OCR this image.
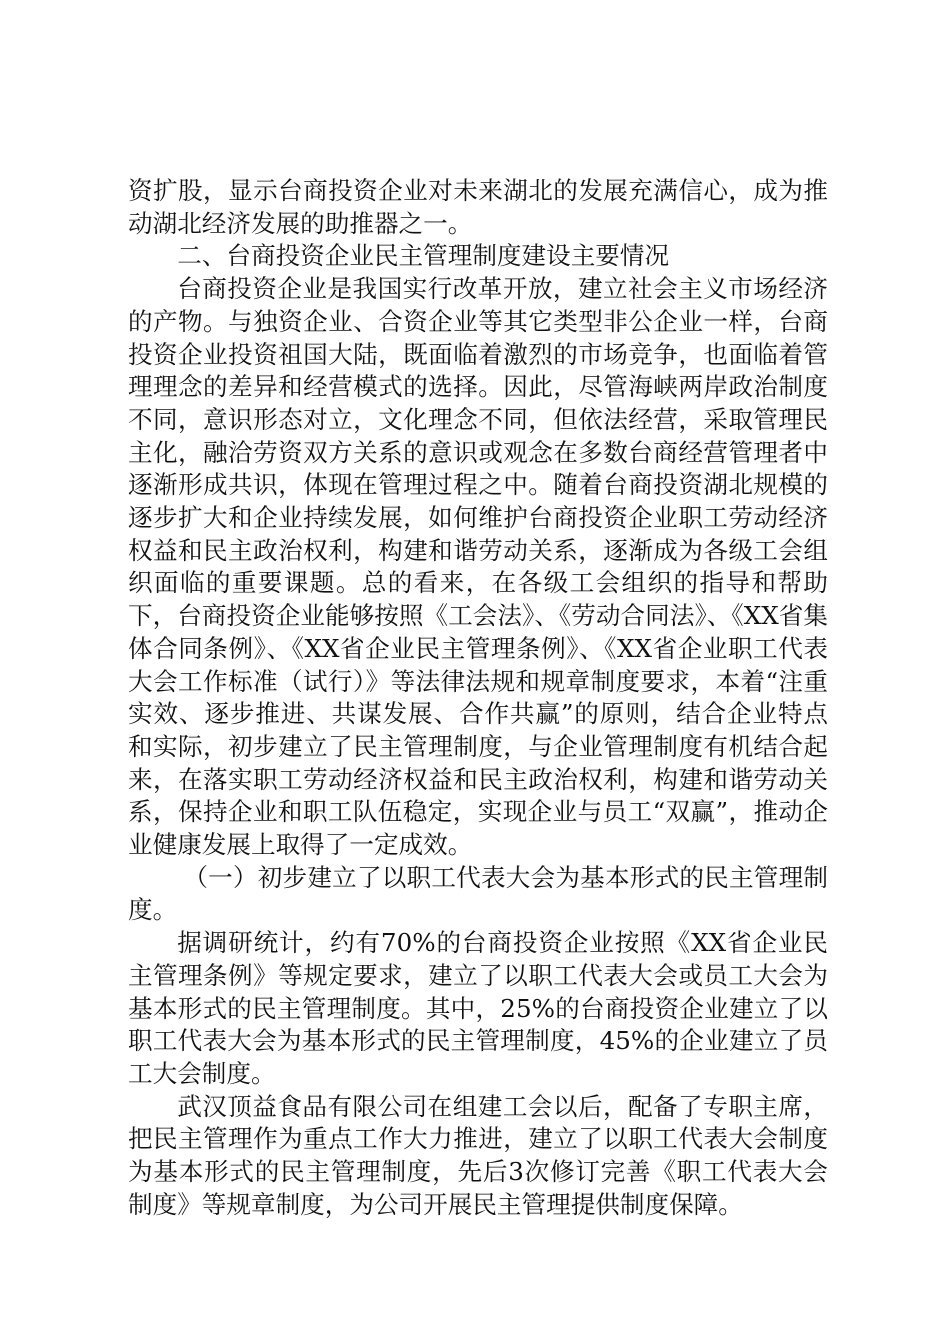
资扩股，显示台商投资企业对未来湖北的发展充满信心，成为推动湖北经济发展的助推器之一。

二、台商投资企业民主管理制度建设主要情况

台商投资企业是我国实行改革开放，建立社会主义市场经济的产物。与独资企业、合资企业等其它类型非公企业一样，台商投资企业投资祖国大陆，既面临着激烈的市场竞争，也面临着管理理念的差异和经营模式的选择。因此，尽管海峡两岸政治制度不同，意识形态对立，文化理念不同，但依法经营，采取管理民主化，融洽劳资双方关系的意识或观念在多数台商经营管理者中逐渐形成共识，体现在管理过程之中。随着台商投资湖北规模的逐步扩大和企业持续发展，如何维护台商投资企业职工劳动经济权益和民主政治权利，构建和谐劳动关系，逐渐成为各级工会组织面临的重要课题。总的看来，在各级工会组织的指导和帮助下，台商投资企业能够按照《工会法》、《劳动合同法》、《XX省集体合同条例》、《XX省企业民主管理条例》、《XX省企业职工代表大会工作标准（试行）》等法律法规和规章制度要求，本着“注重实效、逐步推进、共谋发展、合作共赢”的原则，结合企业特点和实际，初步建立了民主管理制度，与企业管理制度有机结合起来，在落实职工劳动经济权益和民主政治权利，构建和谐劳动关系，保持企业和职工队伍稳定，实现企业与员工“双赢”，推动企业健康发展上取得了一定成效。

（一）初步建立了以职工代表大会为基本形式的民主管理制度。

据调研统计，约有70%的台商投资企业按照《XX省企业民主管理条例》等规定要求，建立了以职工代表大会或员工大会为基本形式的民主管理制度。其中，25%的台商投资企业建立了以职工代表大会为基本形式的民主管理制度，45%的企业建立了员工大会制度。

武汉顶益食品有限公司在组建工会以后，配备了专职主席，把民主管理作为重点工作大力推进，建立了以职工代表大会制度为基本形式的民主管理制度，先后3次修订完善《职工代表大会制度》等规章制度，为公司开展民主管理提供制度保障。
